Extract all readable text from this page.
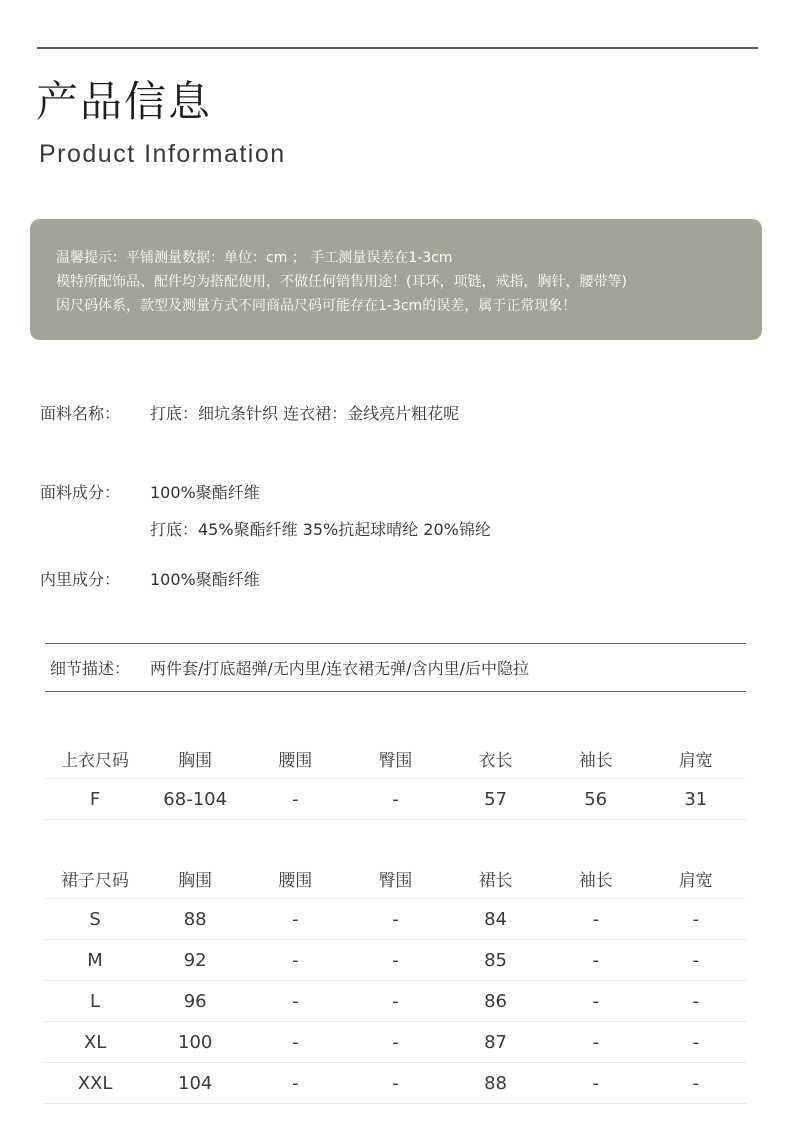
产品信息
Product Information
温馨提示：平铺测量数据：单位：cm ； 手工测量误差在1-3cm
模特所配饰品、配件均为搭配使用，不做任何销售用途！(耳环，项链，戒指，胸针，腰带等)
因尺码体系，款型及测量方式不同商品尺码可能存在1-3cm的误差，属于正常现象！
面料名称： 打底：细坑条针织 连衣裙：金线亮片粗花呢
面料成分： 100%聚酯纤维
打底：45%聚酯纤维 35%抗起球晴纶 20%锦纶
内里成分： 100%聚酯纤维
细节描述： 两件套/打底超弹/无内里/连衣裙无弹/含内里/后中隐拉
上衣尺码	胸围	腰围	臀围	衣长	袖长	肩宽
F	68-104	-	-	57	56	31
裙子尺码	胸围	腰围	臀围	裙长	袖长	肩宽
S	88	-	-	84	-	-
M	92	-	-	85	-	-
L	96	-	-	86	-	-
XL	100	-	-	87	-	-
XXL	104	-	-	88	-	-
